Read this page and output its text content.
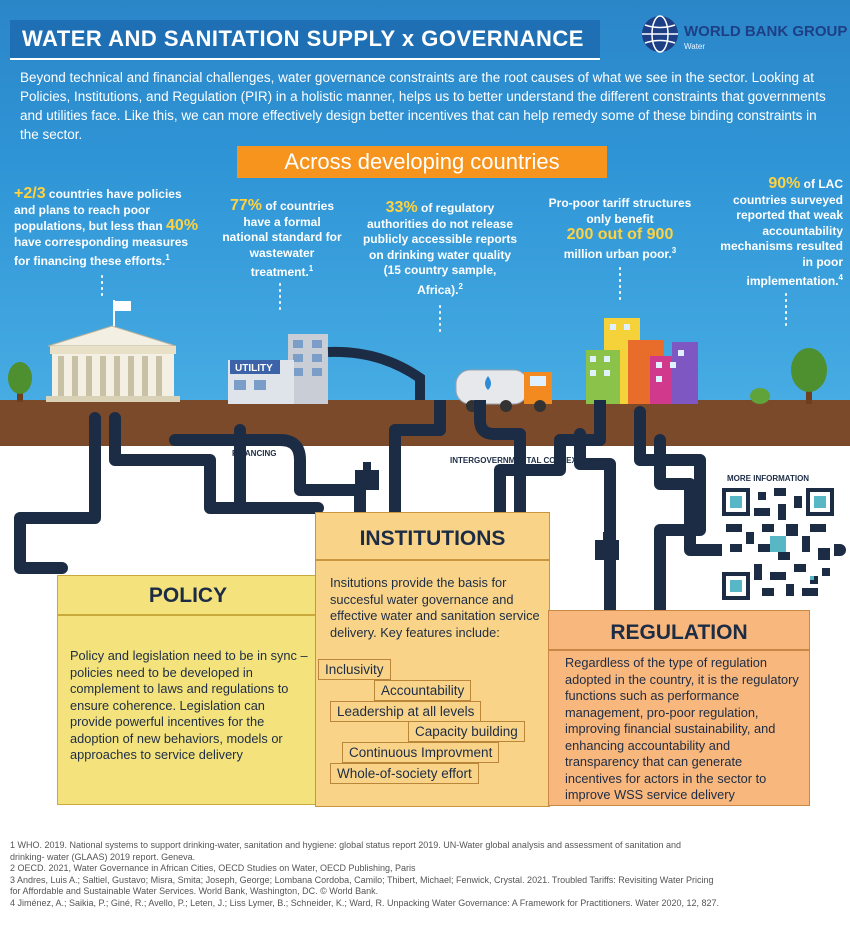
WATER AND SANITATION SUPPLY x GOVERNANCE	WORLD BANK GROUP
Water
Beyond technical and financial challenges, water governance constraints are the root causes of what we see in the sector. Looking at Policies, Institutions, and Regulation (PIR) in a holistic manner, helps us to better understand the different constraints that governments and utilities face. Like this, we can more effectively design better incentives that can help remedy some of these binding constraints in the sector.
Across developing countries
+2/3 countries have policies and plans to reach poor populations, but less than 40% have corresponding measures for financing these efforts.$^1$
77% of countries have a formal national standard for wastewater treatment.$^1$
33% of regulatory authorities do not release publicly accessible reports on drinking water quality (15 country sample, Africa).$^2$
Pro-poor tariff structures only benefit
200 out of 900
million urban poor.$^3$
90% of LAC countries surveyed reported that weak accountability mechanisms resulted in poor implementation.$^4$
UTILITY
FINANCING
INTERGOVERNMENTAL CONTEXT
MORE INFORMATION
POLICY
Policy and legislation need to be in sync – policies need to be developed in complement to laws and regulations to ensure coherence. Legislation can provide powerful incentives for the adoption of new behaviors, models or approaches to service delivery
INSTITUTIONS
Insitutions provide the basis for succesful water governance and effective water and sanitation service delivery. Key features include:
Inclusivity
Accountability
Leadership at all levels
Capacity building
Continuous Improvment
Whole-of-society effort
REGULATION
Regardless of the type of regulation adopted in the country, it is the regulatory functions such as performance management, pro-poor regulation, improving financial sustainability, and enhancing accountability and transparency that can generate incentives for actors in the sector to improve WSS service delivery
1 WHO. 2019. National systems to support drinking-water, sanitation and hygiene: global status report 2019. UN-Water global analysis and assessment of sanitation and
drinking- water (GLAAS) 2019 report. Geneva.
2 OECD. 2021, Water Governance in African Cities, OECD Studies on Water, OECD Publishing, Paris
3 Andres, Luis A.; Saltiel, Gustavo; Misra, Smita; Joseph, George; Lombana Cordoba, Camilo; Thibert, Michael; Fenwick, Crystal. 2021. Troubled Tariffs: Revisiting Water Pricing
for Affordable and Sustainable Water Services. World Bank, Washington, DC. © World Bank.
4 Jiménez, A.; Saikia, P.; Giné, R.; Avello, P.; Leten, J.; Liss Lymer, B.; Schneider, K.; Ward, R. Unpacking Water Governance: A Framework for Practitioners. Water 2020, 12, 827.
